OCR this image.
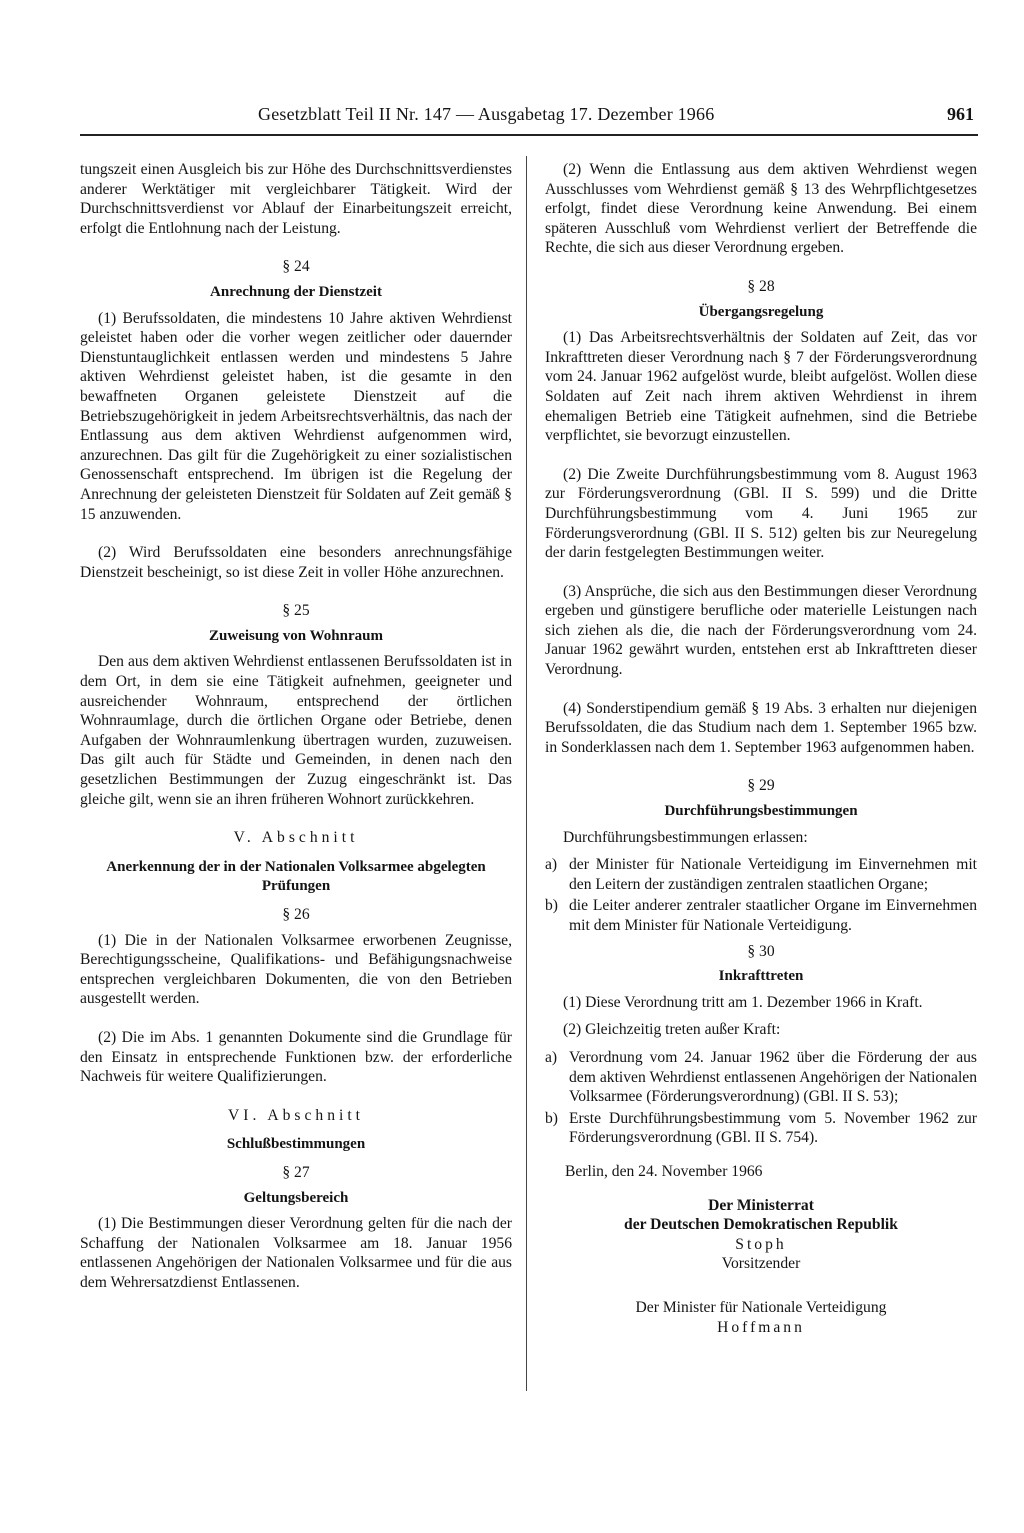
Gesetzblatt Teil II Nr. 147 — Ausgabetag 17. Dezember 1966	961

tungszeit einen Ausgleich bis zur Höhe des Durchschnittsverdienstes anderer Werktätiger mit vergleichbarer Tätigkeit. Wird der Durchschnittsverdienst vor Ablauf der Einarbeitungszeit erreicht, erfolgt die Entlohnung nach der Leistung.

§ 24
Anrechnung der Dienstzeit

(1) Berufssoldaten, die mindestens 10 Jahre aktiven Wehrdienst geleistet haben oder die vorher wegen zeitlicher oder dauernder Dienstuntauglichkeit entlassen werden und mindestens 5 Jahre aktiven Wehrdienst geleistet haben, ist die gesamte in den bewaffneten Organen geleistete Dienstzeit auf die Betriebszugehörigkeit in jedem Arbeitsrechtsverhältnis, das nach der Entlassung aus dem aktiven Wehrdienst aufgenommen wird, anzurechnen. Das gilt für die Zugehörigkeit zu einer sozialistischen Genossenschaft entsprechend. Im übrigen ist die Regelung der Anrechnung der geleisteten Dienstzeit für Soldaten auf Zeit gemäß § 15 anzuwenden.

(2) Wird Berufssoldaten eine besonders anrechnungsfähige Dienstzeit bescheinigt, so ist diese Zeit in voller Höhe anzurechnen.

§ 25
Zuweisung von Wohnraum

Den aus dem aktiven Wehrdienst entlassenen Berufssoldaten ist in dem Ort, in dem sie eine Tätigkeit aufnehmen, geeigneter und ausreichender Wohnraum, entsprechend der örtlichen Wohnraumlage, durch die örtlichen Organe oder Betriebe, denen Aufgaben der Wohnraumlenkung übertragen wurden, zuzuweisen. Das gilt auch für Städte und Gemeinden, in denen nach den gesetzlichen Bestimmungen der Zuzug eingeschränkt ist. Das gleiche gilt, wenn sie an ihren früheren Wohnort zurückkehren.

V. Abschnitt
Anerkennung der in der Nationalen Volksarmee abgelegten Prüfungen
§ 26

(1) Die in der Nationalen Volksarmee erworbenen Zeugnisse, Berechtigungsscheine, Qualifikations- und Befähigungsnachweise entsprechen vergleichbaren Dokumenten, die von den Betrieben ausgestellt werden.

(2) Die im Abs. 1 genannten Dokumente sind die Grundlage für den Einsatz in entsprechende Funktionen bzw. der erforderliche Nachweis für weitere Qualifizierungen.

VI. Abschnitt
Schlußbestimmungen
§ 27
Geltungsbereich

(1) Die Bestimmungen dieser Verordnung gelten für die nach der Schaffung der Nationalen Volksarmee am 18. Januar 1956 entlassenen Angehörigen der Nationalen Volksarmee und für die aus dem Wehrersatzdienst Entlassenen.

(2) Wenn die Entlassung aus dem aktiven Wehrdienst wegen Ausschlusses vom Wehrdienst gemäß § 13 des Wehrpflichtgesetzes erfolgt, findet diese Verordnung keine Anwendung. Bei einem späteren Ausschluß vom Wehrdienst verliert der Betreffende die Rechte, die sich aus dieser Verordnung ergeben.

§ 28
Übergangsregelung

(1) Das Arbeitsrechtsverhältnis der Soldaten auf Zeit, das vor Inkrafttreten dieser Verordnung nach § 7 der Förderungsverordnung vom 24. Januar 1962 aufgelöst wurde, bleibt aufgelöst. Wollen diese Soldaten auf Zeit nach ihrem aktiven Wehrdienst in ihrem ehemaligen Betrieb eine Tätigkeit aufnehmen, sind die Betriebe verpflichtet, sie bevorzugt einzustellen.

(2) Die Zweite Durchführungsbestimmung vom 8. August 1963 zur Förderungsverordnung (GBl. II S. 599) und die Dritte Durchführungsbestimmung vom 4. Juni 1965 zur Förderungsverordnung (GBl. II S. 512) gelten bis zur Neuregelung der darin festgelegten Bestimmungen weiter.

(3) Ansprüche, die sich aus den Bestimmungen dieser Verordnung ergeben und günstigere berufliche oder materielle Leistungen nach sich ziehen als die, die nach der Förderungsverordnung vom 24. Januar 1962 gewährt wurden, entstehen erst ab Inkrafttreten dieser Verordnung.

(4) Sonderstipendium gemäß § 19 Abs. 3 erhalten nur diejenigen Berufssoldaten, die das Studium nach dem 1. September 1965 bzw. in Sonderklassen nach dem 1. September 1963 aufgenommen haben.

§ 29
Durchführungsbestimmungen

Durchführungsbestimmungen erlassen:

a) der Minister für Nationale Verteidigung im Einvernehmen mit den Leitern der zuständigen zentralen staatlichen Organe;
b) die Leiter anderer zentraler staatlicher Organe im Einvernehmen mit dem Minister für Nationale Verteidigung.
§ 30
Inkrafttreten

(1) Diese Verordnung tritt am 1. Dezember 1966 in Kraft.

(2) Gleichzeitig treten außer Kraft:

a) Verordnung vom 24. Januar 1962 über die Förderung der aus dem aktiven Wehrdienst entlassenen Angehörigen der Nationalen Volksarmee (Förderungsverordnung) (GBl. II S. 53);
b) Erste Durchführungsbestimmung vom 5. November 1962 zur Förderungsverordnung (GBl. II S. 754).

Berlin, den 24. November 1966

Der Ministerrat

der Deutschen Demokratischen Republik

Stoph

Vorsitzender

Der Minister für Nationale Verteidigung

Hoffmann
